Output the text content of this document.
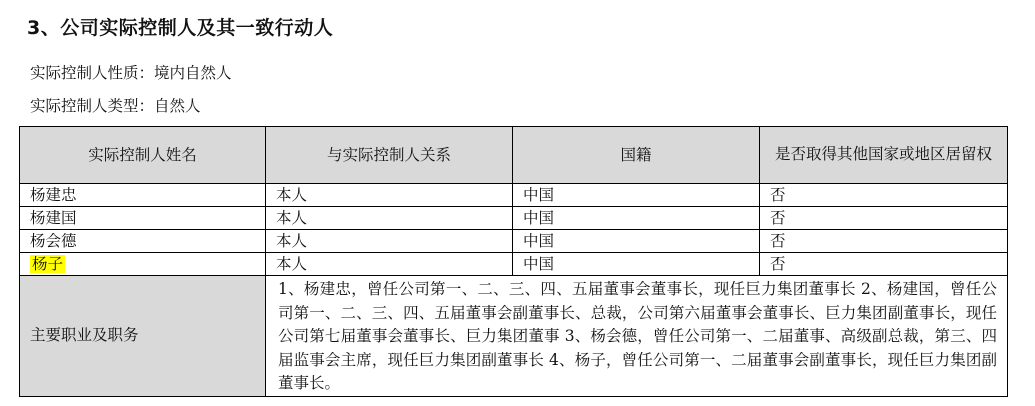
3、公司实际控制人及其一致行动人
实际控制人性质：境内自然人
实际控制人类型：自然人
实际控制人姓名	与实际控制人关系	国籍	是否取得其他国家或地区居留权
杨建忠	本人	中国	否
杨建国	本人	中国	否
杨会德	本人	中国	否
杨子	本人	中国	否
主要职业及职务	1、杨建忠，曾任公司第一、二、三、四、五届董事会董事长，现任巨力集团董事长 2、杨建国，曾任公司第一、二、三、四、五届董事会副董事长、总裁，公司第六届董事会董事长、巨力集团副董事长，现任公司第七届董事会董事长、巨力集团董事 3、杨会德，曾任公司第一、二届董事、高级副总裁，第三、四届监事会主席，现任巨力集团副董事长 4、杨子，曾任公司第一、二届董事会副董事长，现任巨力集团副董事长。		
